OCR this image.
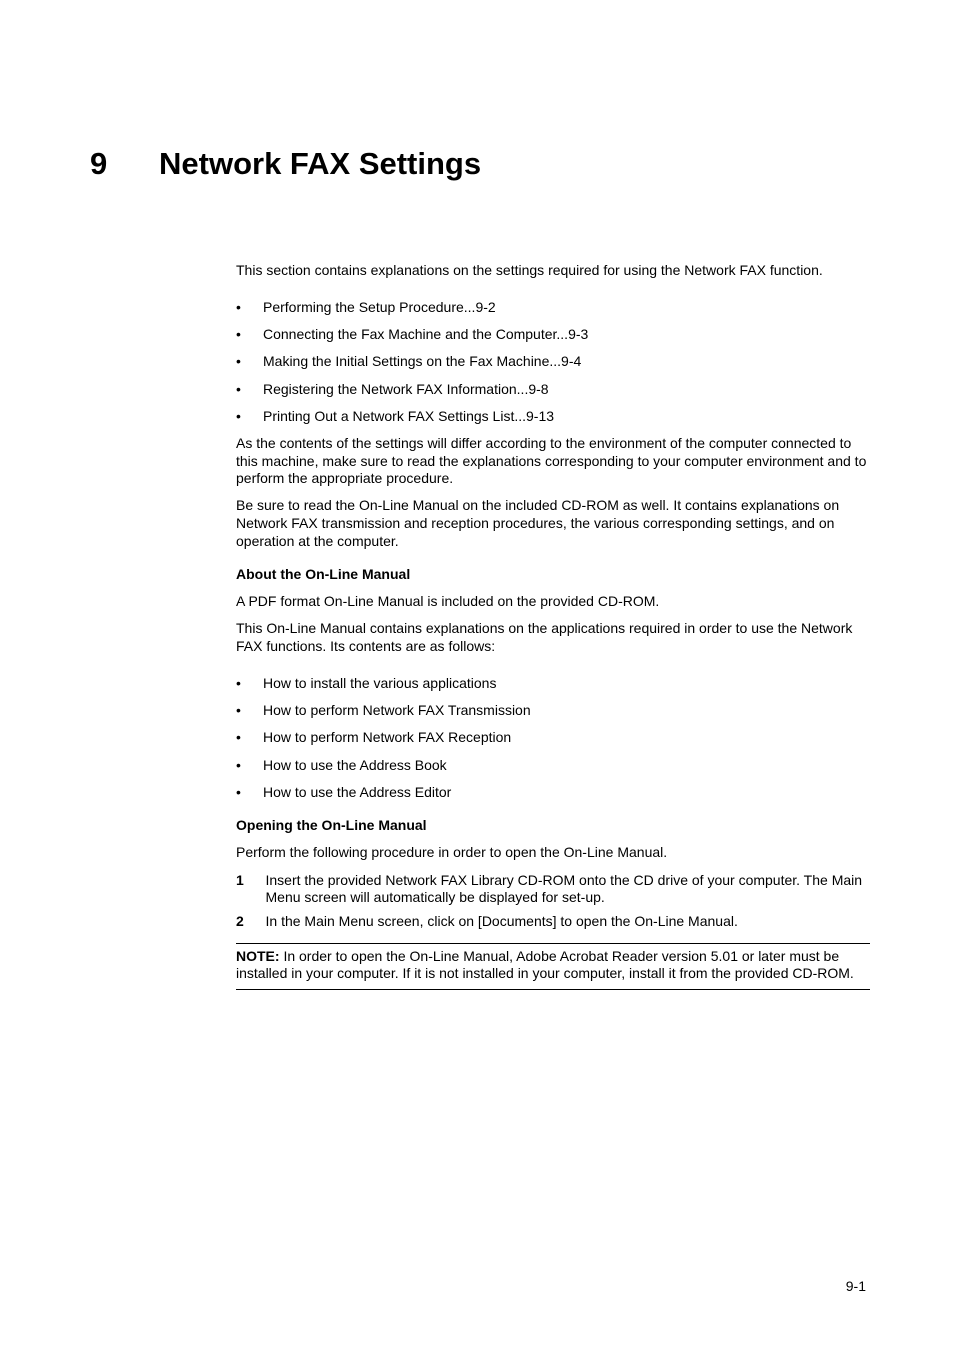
9 Network FAX Settings

This section contains explanations on the settings required for using the Network FAX function.

• Performing the Setup Procedure...9-2
• Connecting the Fax Machine and the Computer...9-3
• Making the Initial Settings on the Fax Machine...9-4
• Registering the Network FAX Information...9-8
• Printing Out a Network FAX Settings List...9-13

As the contents of the settings will differ according to the environment of the computer connected to this machine, make sure to read the explanations corresponding to your computer environment and to perform the appropriate procedure.

Be sure to read the On-Line Manual on the included CD-ROM as well. It contains explanations on Network FAX transmission and reception procedures, the various corresponding settings, and on operation at the computer.

About the On-Line Manual

A PDF format On-Line Manual is included on the provided CD-ROM.

This On-Line Manual contains explanations on the applications required in order to use the Network FAX functions. Its contents are as follows:

• How to install the various applications
• How to perform Network FAX Transmission
• How to perform Network FAX Reception
• How to use the Address Book
• How to use the Address Editor

Opening the On-Line Manual

Perform the following procedure in order to open the On-Line Manual.

1 Insert the provided Network FAX Library CD-ROM onto the CD drive of your computer. The Main Menu screen will automatically be displayed for set-up.
2 In the Main Menu screen, click on [Documents] to open the On-Line Manual.
NOTE: In order to open the On-Line Manual, Adobe Acrobat Reader version 5.01 or later must be installed in your computer. If it is not installed in your computer, install it from the provided CD-ROM.
9-1
